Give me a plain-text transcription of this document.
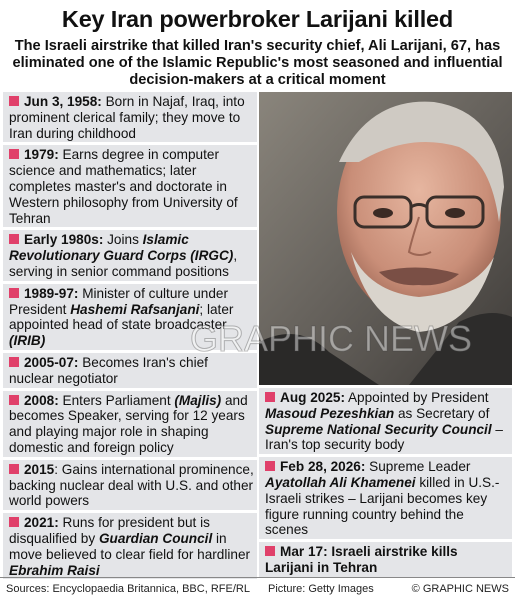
Key Iran powerbroker Larijani killed
The Israeli airstrike that killed Iran's security chief, Ali Larijani, 67, has eliminated one of the Islamic Republic's most seasoned and influential decision-makers at a critical moment
Jun 3, 1958: Born in Najaf, Iraq, into prominent clerical family; they move to Iran during childhood
1979: Earns degree in computer science and mathematics; later completes master's and doctorate in Western philosophy from University of Tehran
Early 1980s: Joins Islamic Revolutionary Guard Corps (IRGC), serving in senior command positions
1989-97: Minister of culture under President Hashemi Rafsanjani; later appointed head of state broadcaster (IRIB)
2005-07: Becomes Iran's chief nuclear negotiator
2008: Enters Parliament (Majlis) and becomes Speaker, serving for 12 years and playing major role in shaping domestic and foreign policy
2015: Gains international prominence, backing nuclear deal with U.S. and other world powers
2021: Runs for president but is disqualified by Guardian Council in move believed to clear field for hardliner Ebrahim Raisi
GRAPHIC NEWS
Aug 2025: Appointed by President Masoud Pezeshkian as Secretary of Supreme National Security Council – Iran's top security body
Feb 28, 2026: Supreme Leader Ayatollah Ali Khamenei killed in U.S.-Israeli strikes – Larijani becomes key figure running country behind the scenes
Mar 17: Israeli airstrike kills Larijani in Tehran
Sources: Encyclopaedia Britannica, BBC, RFE/RL Picture: Getty Images	© GRAPHIC NEWS
